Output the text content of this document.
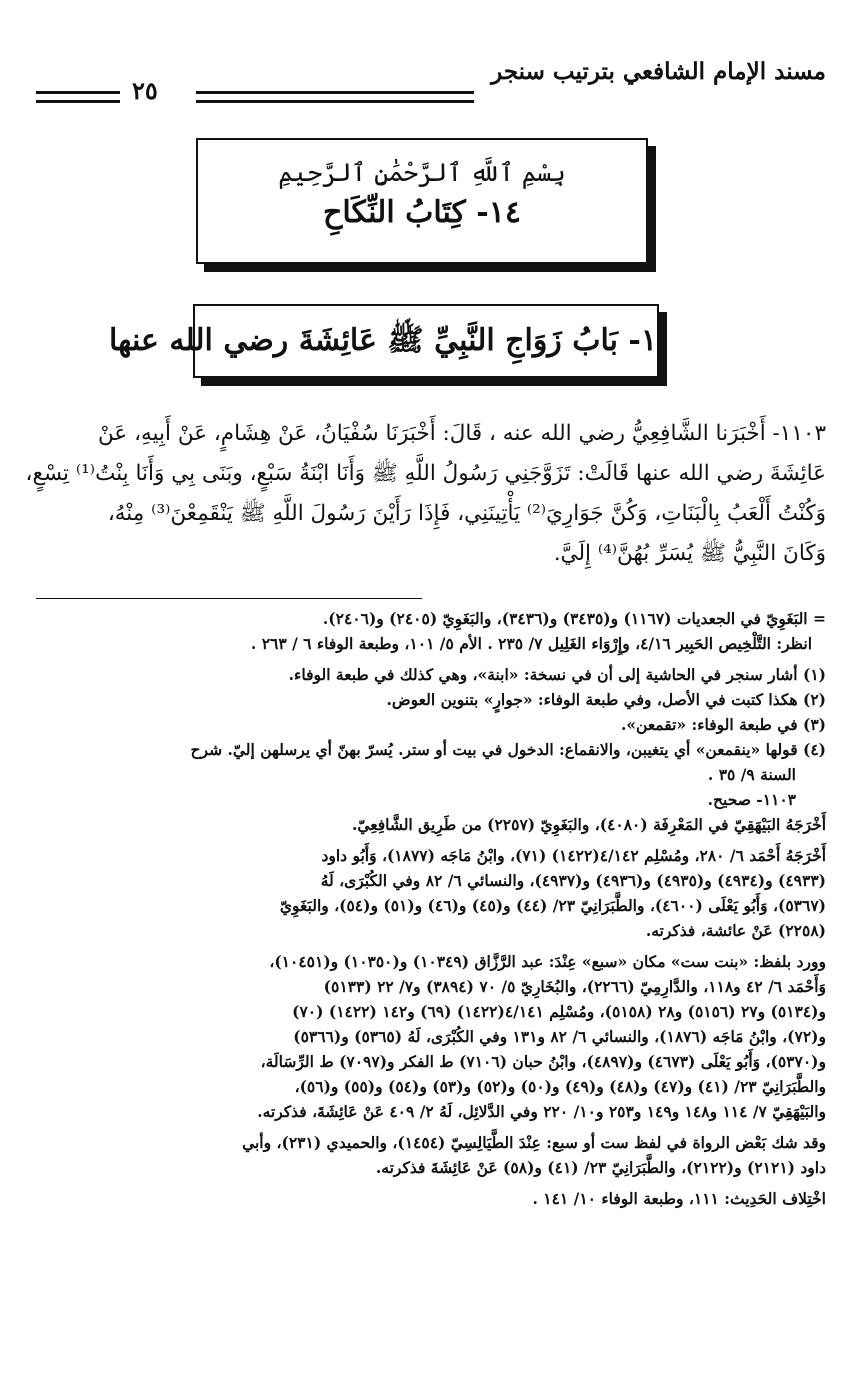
مسند الإمام الشافعي بترتيب سنجر
٢٥
بِسْمِ ٱللَّهِ ٱلرَّحْمَٰنِ ٱلرَّحِيمِ
١٤- كِتَابُ النِّكَاحِ
١- بَابُ زَوَاجِ النَّبِيِّ ﷺ عَائِشَةَ رضي الله عنها
١١٠٣- أَخْبَرَنا الشَّافِعِيُّ رضي الله عنه ، قَالَ: أَخْبَرَنَا سُفْيَانُ، عَنْ هِشَامٍ، عَنْ أَبِيهِ، عَنْ
عَائِشَةَ رضي الله عنها قَالَتْ: تَزَوَّجَنِي رَسُولُ اللَّهِ ﷺ وَأَنَا ابْنَةُ سَبْعٍ، وبَنَى بِي وَأَنَا بِنْتُ⁽¹⁾ تِسْعٍ،
وَكُنْتُ أَلْعَبُ بِالْبَنَاتِ، وَكُنَّ جَوَارِيَ⁽²⁾ يَأْتِينَنِي، فَإِذَا رَأَيْنَ رَسُولَ اللَّهِ ﷺ يَنْقَمِعْنَ⁽³⁾ مِنْهُ،
وَكَانَ النَّبِيُّ ﷺ يُسَرِّ بُهُنَّ⁽⁴⁾ إِلَيَّ.
= البَغَوِيّ في الجعديات (١١٦٧) و(٣٤٣٥) و(٣٤٣٦)، والبَغَوِيّ (٢٤٠٥) و(٢٤٠٦).
انظر: التَّلْخِيص الحَبِير ٤/١٦، وإِرْوَاء الغَلِيل ٧/ ٢٣٥ . الأم ٥/ ١٠١، وطبعة الوفاء ٦ / ٢٦٣ .
(١) أشار سنجر في الحاشية إلى أن في نسخة: «ابنة»، وهي كذلك في طبعة الوفاء.
(٢) هكذا كتبت في الأصل، وفي طبعة الوفاء: «جوارٍ» بتنوين العوض.
(٣) في طبعة الوفاء: «تقمعن».
(٤) قولها «ينقمعن» أي يتغيبن، والانقماع: الدخول في بيت أو ستر. يُسرّ بهنّ أي يرسلهن إليّ. شرح
السنة ٩/ ٣٥ .
١١٠٣- صحيح.
أَخْرَجَهُ البَيْهَقِيّ في المَعْرِفَة (٤٠٨٠)، والبَغَوِيّ (٢٢٥٧) من طَرِيق الشَّافِعِيّ.
أَخْرَجَهُ أَحْمَد ٦/ ٢٨٠، ومُسْلِم ٤/١٤٢(١٤٢٢) (٧١)، وابْنُ مَاجَه (١٨٧٧)، وَأَبُو داود
(٤٩٣٣) و(٤٩٣٤) و(٤٩٣٥) و(٤٩٣٦) و(٤٩٣٧)، والنسائي ٦/ ٨٢ وفي الكُبْرَى، لَهُ
(٥٣٦٧)، وَأَبُو يَعْلَى (٤٦٠٠)، والطَّبَرَانِيّ ٢٣/ (٤٤) و(٤٥) و(٤٦) و(٥١) و(٥٤)، والبَغَوِيّ
(٢٢٥٨) عَنْ عائشة، فذكرته.
وورد بلفظ: «بنت ست» مكان «سبع» عِنْدَ: عبد الرَّزَّاق (١٠٣٤٩) و(١٠٣٥٠) و(١٠٤٥١)،
وَأَحْمَد ٦/ ٤٢ و١١٨، والدَّارِمِيّ (٢٢٦٦)، والبُخَارِيّ ٥/ ٧٠ (٣٨٩٤) و٧/ ٢٢ (٥١٣٣)
و(٥١٣٤) و٢٧ (٥١٥٦) و٢٨ (٥١٥٨)، ومُسْلِم ٤/١٤١(١٤٢٢) (٦٩) و١٤٢ (١٤٢٢) (٧٠)
و(٧٢)، وابْنُ مَاجَه (١٨٧٦)، والنسائي ٦/ ٨٢ و١٣١ وفي الكُبْرَى، لَهُ (٥٣٦٥) و(٥٣٦٦)
و(٥٣٧٠)، وَأَبُو يَعْلَى (٤٦٧٣) و(٤٨٩٧)، وابْنُ حبان (٧١٠٦) ط الفكر و(٧٠٩٧) ط الرِّسَالَة،
والطَّبَرَانِيّ ٢٣/ (٤١) و(٤٧) و(٤٨) و(٤٩) و(٥٠) و(٥٢) و(٥٣) و(٥٤) و(٥٥) و(٥٦)،
والبَيْهَقِيّ ٧/ ١١٤ و١٤٨ و١٤٩ و٢٥٣ و١٠/ ٢٢٠ وفي الدَّلائِل، لَهُ ٢/ ٤٠٩ عَنْ عَائِشَةَ، فذكرته.
وقد شك بَعْض الرواة في لفظ ست أو سبع: عِنْدَ الطَّيَالِسِيّ (١٤٥٤)، والحميدي (٢٣١)، وأبي
داود (٢١٢١) و(٢١٢٢)، والطَّبَرَانِيّ ٢٣/ (٤١) و(٥٨) عَنْ عَائِشَةَ فذكرته.
اخْتِلاف الحَدِيث: ١١١، وطبعة الوفاء ١٠/ ١٤١ .
